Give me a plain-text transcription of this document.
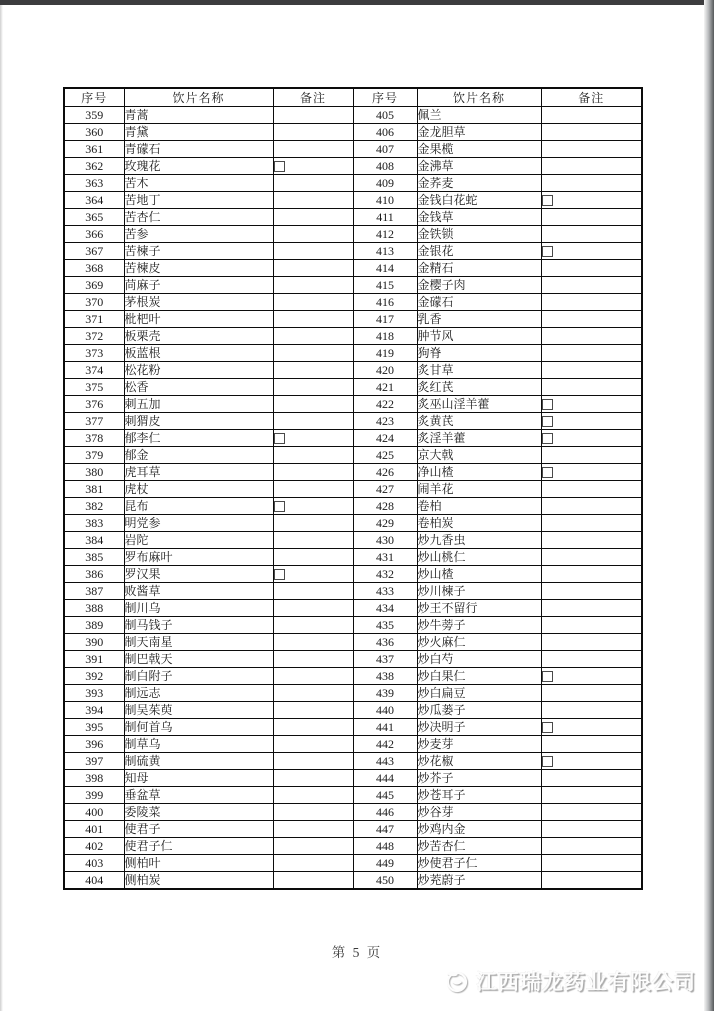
序号	饮片名称	备注	序号	饮片名称	备注
359	青蒿		405	佩兰	
360	青黛		406	金龙胆草	
361	青礞石		407	金果榄	
362	玫瑰花		408	金沸草	
363	苦木		409	金荞麦	
364	苦地丁		410	金钱白花蛇	
365	苦杏仁		411	金钱草	
366	苦参		412	金铁锁	
367	苦楝子		413	金银花	
368	苦楝皮		414	金精石	
369	苘麻子		415	金樱子肉	
370	茅根炭		416	金礞石	
371	枇杷叶		417	乳香	
372	板栗壳		418	肿节风	
373	板蓝根		419	狗脊	
374	松花粉		420	炙甘草	
375	松香		421	炙红芪	
376	刺五加		422	炙巫山淫羊藿	
377	刺猬皮		423	炙黄芪	
378	郁李仁		424	炙淫羊藿	
379	郁金		425	京大戟	
380	虎耳草		426	净山楂	
381	虎杖		427	闹羊花	
382	昆布		428	卷柏	
383	明党参		429	卷柏炭	
384	岩陀		430	炒九香虫	
385	罗布麻叶		431	炒山桃仁	
386	罗汉果		432	炒山楂	
387	败酱草		433	炒川楝子	
388	制川乌		434	炒王不留行	
389	制马钱子		435	炒牛蒡子	
390	制天南星		436	炒火麻仁	
391	制巴戟天		437	炒白芍	
392	制白附子		438	炒白果仁	
393	制远志		439	炒白扁豆	
394	制吴茱萸		440	炒瓜蒌子	
395	制何首乌		441	炒决明子	
396	制草乌		442	炒麦芽	
397	制硫黄		443	炒花椒	
398	知母		444	炒芥子	
399	垂盆草		445	炒苍耳子	
400	委陵菜		446	炒谷芽	
401	使君子		447	炒鸡内金	
402	使君子仁		448	炒苦杏仁	
403	侧柏叶		449	炒使君子仁	
404	侧柏炭		450	炒茺蔚子	
第 5 页
江西瑞龙药业有限公司
